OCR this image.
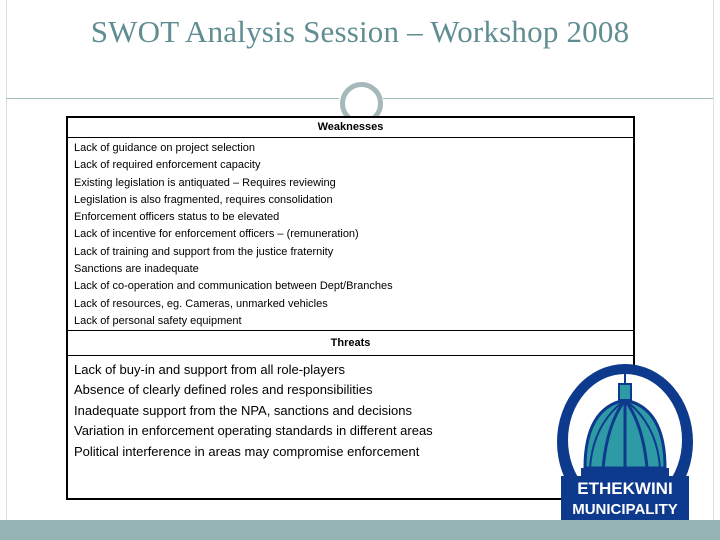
SWOT Analysis Session – Workshop 2008
Weaknesses
Lack of guidance on project selection
Lack of required enforcement capacity
Existing legislation is antiquated – Requires reviewing
Legislation is also fragmented, requires consolidation
Enforcement officers status to be elevated
Lack of incentive for enforcement officers – (remuneration)
Lack of training and support from the justice fraternity
Sanctions are inadequate
Lack of co-operation and communication between Dept/Branches
Lack of resources, eg. Cameras, unmarked vehicles
Lack of personal safety equipment
Threats
Lack of buy-in and support from all role-players
Absence of clearly defined roles and responsibilities
Inadequate support from the NPA, sanctions and decisions
Variation in enforcement operating standards in different areas
Political interference in areas may compromise enforcement
ETHEKWINI
MUNICIPALITY
